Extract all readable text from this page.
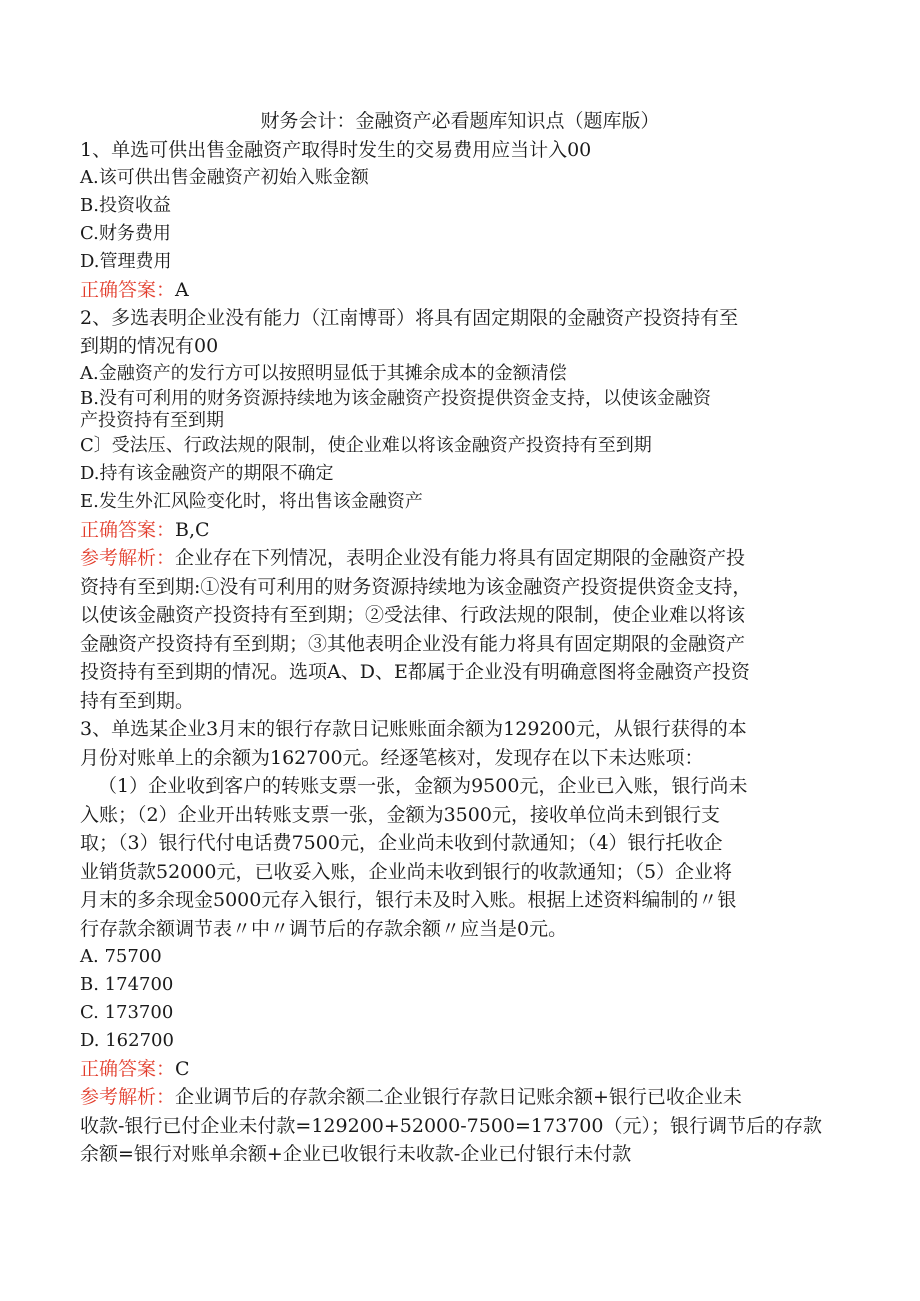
财务会计：金融资产必看题库知识点（题库版）

1、单选可供出售金融资产取得时发生的交易费用应当计入00

A.该可供出售金融资产初始入账金额

B.投资收益

C.财务费用

D.管理费用

正确答案：A

2、多选表明企业没有能力（江南博哥）将具有固定期限的金融资产投资持有至

到期的情况有00

A.金融资产的发行方可以按照明显低于其摊余成本的金额清偿

B.没有可利用的财务资源持续地为该金融资产投资提供资金支持，以使该金融资

产投资持有至到期

C〕受法压、行政法规的限制，使企业难以将该金融资产投资持有至到期

D.持有该金融资产的期限不确定

E.发生外汇风险变化时，将出售该金融资产

正确答案：B,C

参考解析：企业存在下列情况，表明企业没有能力将具有固定期限的金融资产投

资持有至到期:①没有可利用的财务资源持续地为该金融资产投资提供资金支持，

以使该金融资产投资持有至到期；②受法律、行政法规的限制，使企业难以将该

金融资产投资持有至到期；③其他表明企业没有能力将具有固定期限的金融资产

投资持有至到期的情况。选项A、D、E都属于企业没有明确意图将金融资产投资

持有至到期。

3、单选某企业3月末的银行存款日记账账面余额为129200元，从银行获得的本

月份对账单上的余额为162700元。经逐笔核对，发现存在以下未达账项：

（1）企业收到客户的转账支票一张，金额为9500元，企业已入账，银行尚未

入账；（2）企业开出转账支票一张，金额为3500元，接收单位尚未到银行支

取；（3）银行代付电话费7500元，企业尚未收到付款通知；（4）银行托收企

业销货款52000元，已收妥入账，企业尚未收到银行的收款通知；（5）企业将

月末的多余现金5000元存入银行，银行未及时入账。根据上述资料编制的〃银

行存款余额调节表〃中〃调节后的存款余额〃应当是0元。

A. 75700

B. 174700

C. 173700

D. 162700

正确答案：C

参考解析：企业调节后的存款余额二企业银行存款日记账余额+银行已收企业未

收款-银行已付企业未付款=129200+52000-7500=173700（元）；银行调节后的存款

余额=银行对账单余额+企业已收银行未收款-企业已付银行未付款
